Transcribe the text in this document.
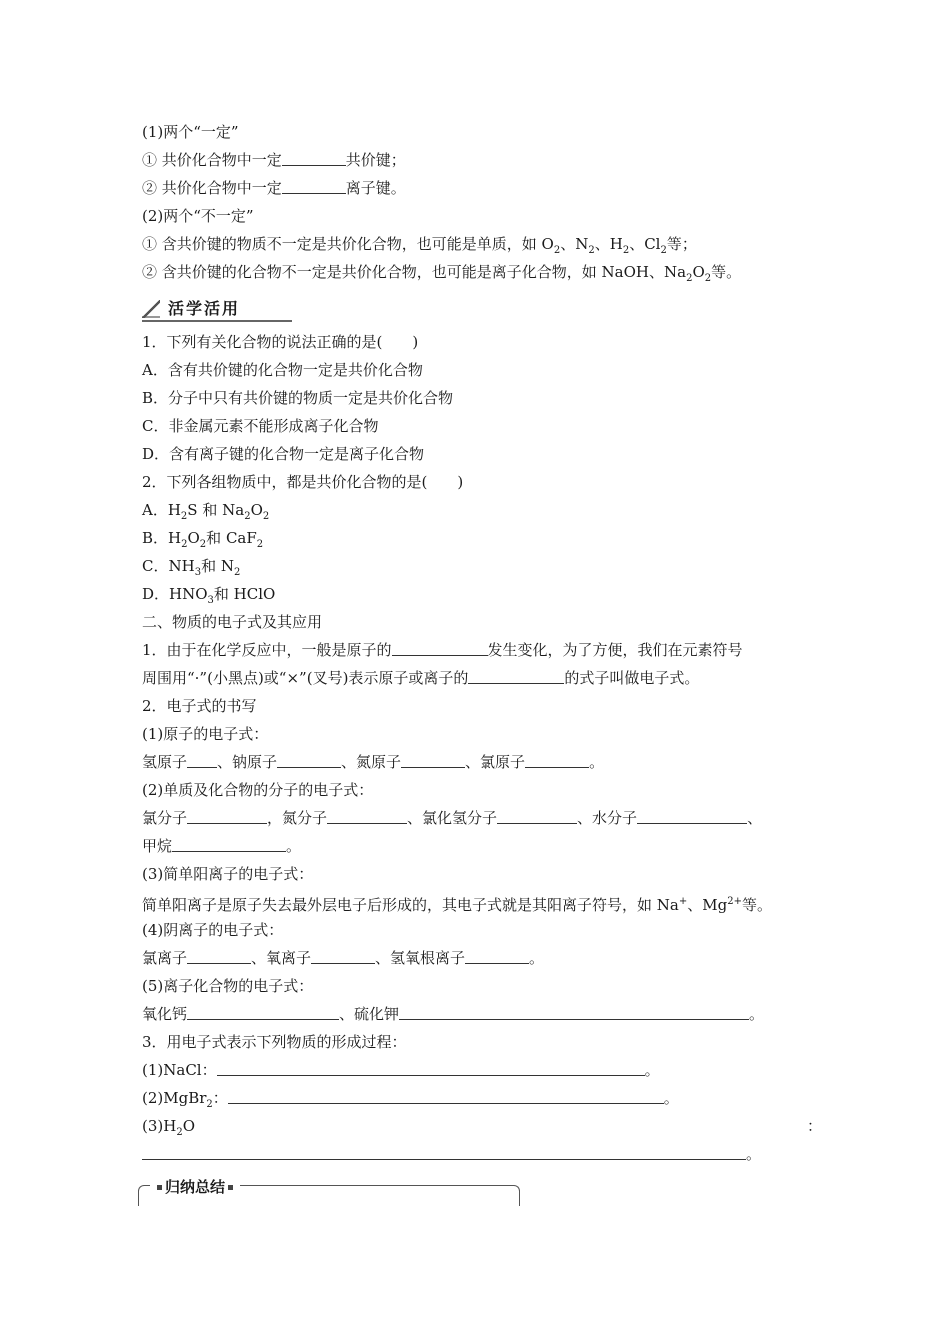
(1)两个“一定”
① 共价化合物中一定	共价键；
② 共价化合物中一定	离子键。
(2)两个“不一定”
① 含共价键的物质不一定是共价化合物，也可能是单质，如 $O_2$、$N_2$、$H_2$、$Cl_2$等；
② 含共价键的化合物不一定是共价化合物，也可能是离子化合物，如 NaOH、$Na_2O_2$等。
活学活用
1．下列有关化合物的说法正确的是(　　)
A．含有共价键的化合物一定是共价化合物
B．分子中只有共价键的物质一定是共价化合物
C．非金属元素不能形成离子化合物
D．含有离子键的化合物一定是离子化合物
2．下列各组物质中，都是共价化合物的是(　　)
A．$H_2S$ 和 $Na_2O_2$
B．$H_2O_2$和 CaF$_2$
C．$NH_3$和 $N_2$
D．$HNO_3$和 HClO
二、物质的电子式及其应用
1．由于在化学反应中，一般是原子的	发生变化，为了方便，我们在元素符号
周围用“·”(小黑点)或“×”(叉号)表示原子或离子的	的式子叫做电子式。
2．电子式的书写
(1)原子的电子式：
氢原子 、钠原子	、氮原子	、氯原子	。
(2)单质及化合物的分子的电子式：
氯分子	，氮分子	、氯化氢分子	、水分子	、
甲烷	。
(3)简单阳离子的电子式：
简单阳离子是原子失去最外层电子后形成的，其电子式就是其阳离子符号，如 Na+、$Mg^{2+}$等。
(4)阴离子的电子式：
氯离子	、氧离子	、氢氧根离子	。
(5)离子化合物的电子式：
氧化钙	、硫化钾	。
3．用电子式表示下列物质的形成过程：
(1)NaCl：	。
(2)MgBr$_2$：	。
$(3)H_2O$	：
。
归纳总结
